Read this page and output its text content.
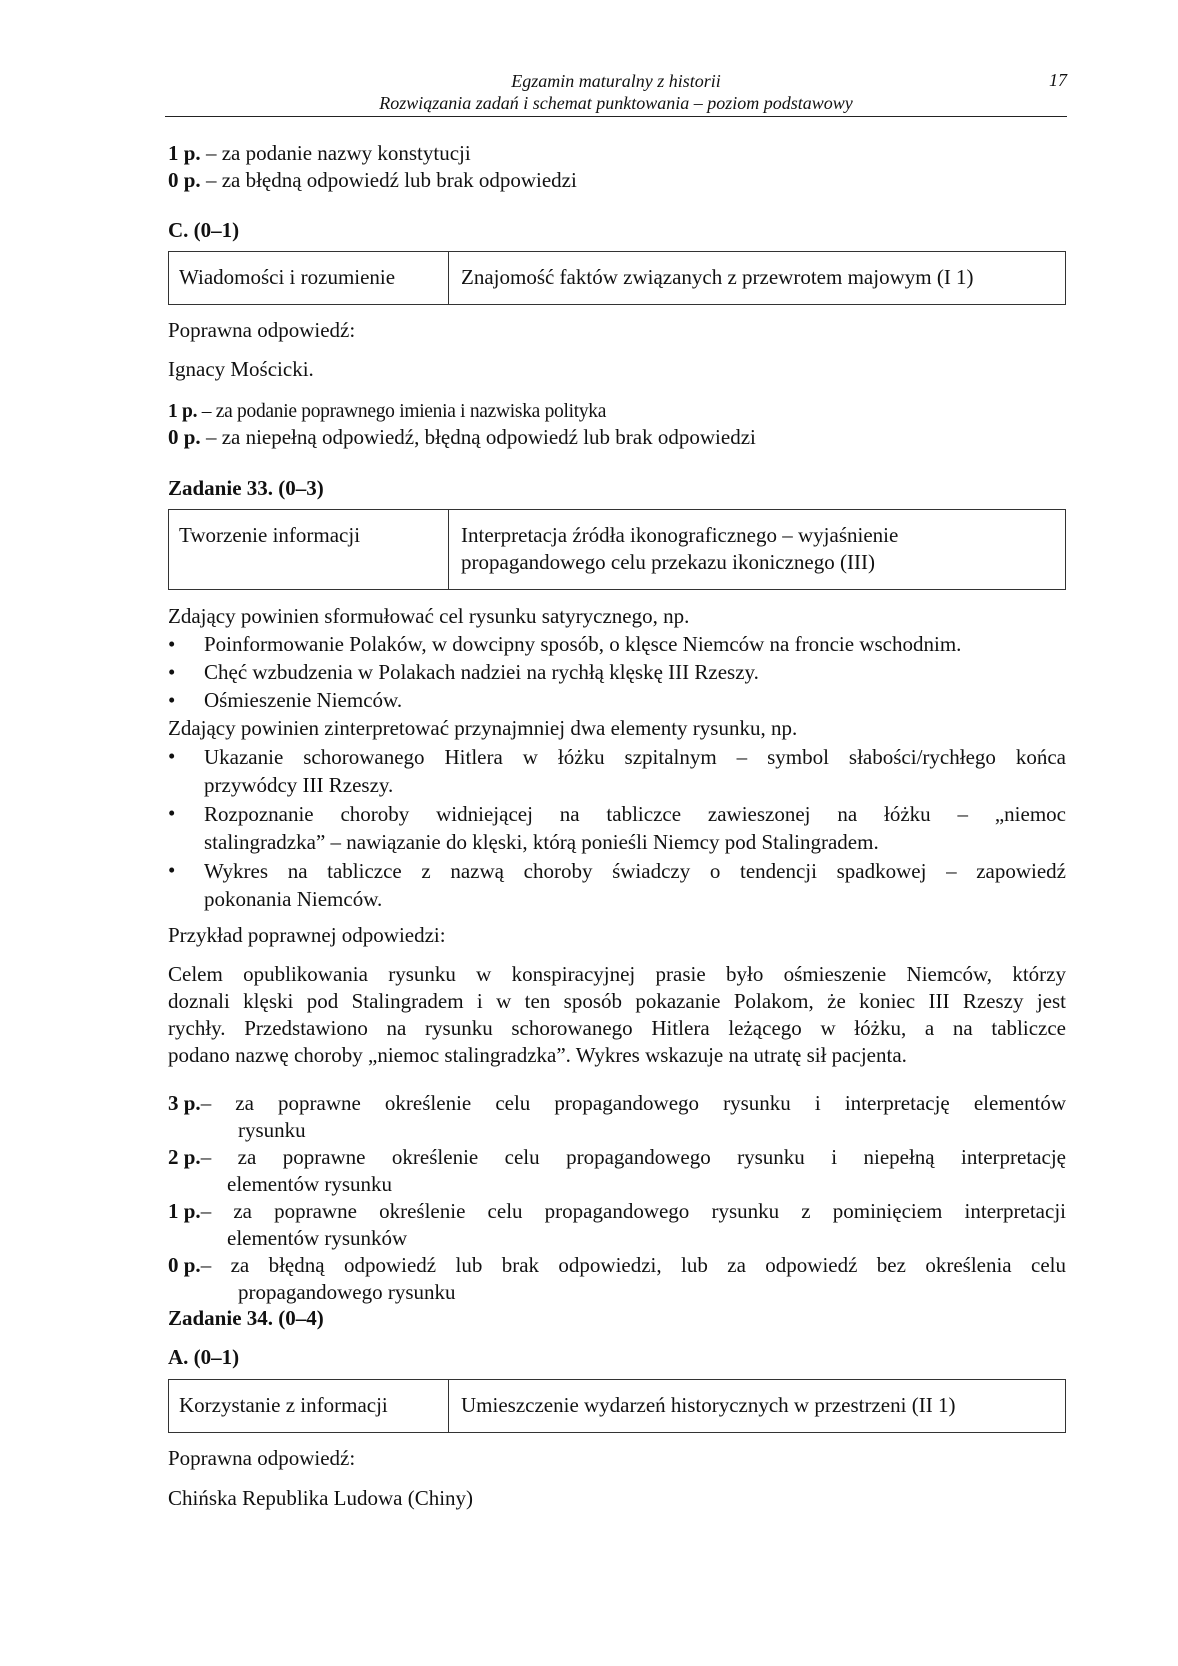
Egzamin maturalny z historii
Rozwiązania zadań i schemat punktowania – poziom podstawowy
17
1 p. – za podanie nazwy konstytucji
0 p. – za błędną odpowiedź lub brak odpowiedzi
C. (0–1)
Wiadomości i rozumienie	Znajomość faktów związanych z przewrotem majowym (I 1)
Poprawna odpowiedź:
Ignacy Mościcki.
1 p. – za podanie poprawnego imienia i nazwiska polityka
0 p. – za niepełną odpowiedź, błędną odpowiedź lub brak odpowiedzi
Zadanie 33. (0–3)
Tworzenie informacji	Interpretacja źródła ikonograficznego – wyjaśnienie
propagandowego celu przekazu ikonicznego (III)
Zdający powinien sformułować cel rysunku satyrycznego, np.
• Poinformowanie Polaków, w dowcipny sposób, o klęsce Niemców na froncie wschodnim.
• Chęć wzbudzenia w Polakach nadziei na rychłą klęskę III Rzeszy.
• Ośmieszenie Niemców.
Zdający powinien zinterpretować przynajmniej dwa elementy rysunku, np.
• Ukazanie schorowanego Hitlera w łóżku szpitalnym – symbol słabości/rychłego końca
przywódcy III Rzeszy.
• Rozpoznanie choroby widniejącej na tabliczce zawieszonej na łóżku – „niemoc
stalingradzka” – nawiązanie do klęski, którą ponieśli Niemcy pod Stalingradem.
• Wykres na tabliczce z nazwą choroby świadczy o tendencji spadkowej – zapowiedź
pokonania Niemców.
Przykład poprawnej odpowiedzi:
Celem opublikowania rysunku w konspiracyjnej prasie było ośmieszenie Niemców, którzy
doznali klęski pod Stalingradem i w ten sposób pokazanie Polakom, że koniec III Rzeszy jest
rychły. Przedstawiono na rysunku schorowanego Hitlera leżącego w łóżku, a na tabliczce
podano nazwę choroby „niemoc stalingradzka”. Wykres wskazuje na utratę sił pacjenta.
3 p. – za poprawne określenie celu propagandowego rysunku i interpretację elementów
rysunku
2 p. – za poprawne określenie celu propagandowego rysunku i niepełną interpretację
elementów rysunku
1 p. – za poprawne określenie celu propagandowego rysunku z pominięciem interpretacji
elementów rysunków
0 p. – za błędną odpowiedź lub brak odpowiedzi, lub za odpowiedź bez określenia celu
propagandowego rysunku
Zadanie 34. (0–4)
A. (0–1)
Korzystanie z informacji	Umieszczenie wydarzeń historycznych w przestrzeni (II 1)
Poprawna odpowiedź:
Chińska Republika Ludowa (Chiny)
